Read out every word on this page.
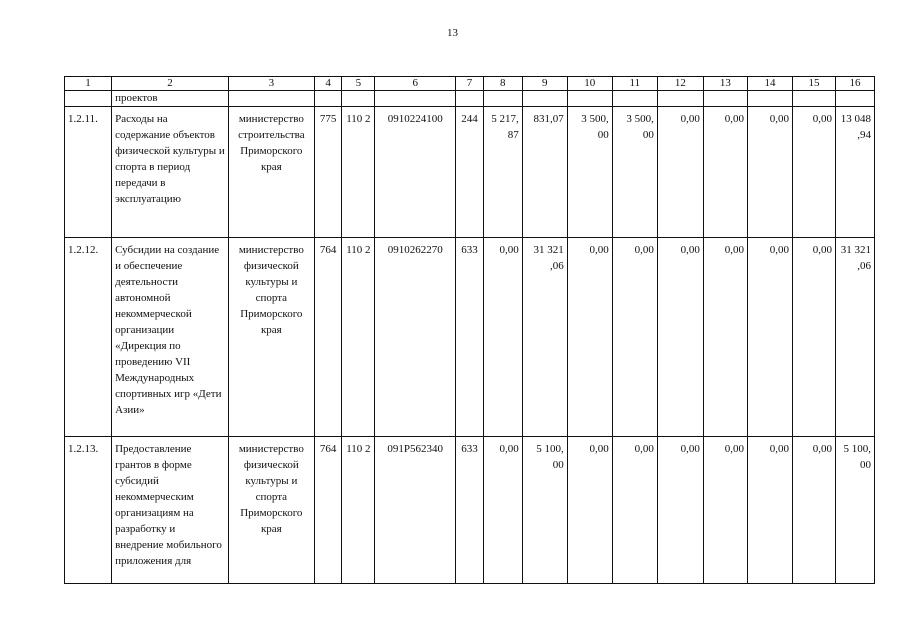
13
1	2	3	4	5	6	7	8	9	10	11	12	13	14	15	16
	проектов														
1.2.11.	Расходы на содержание объектов физической культуры и спорта в период передачи в эксплуатацию	министерство строительства Приморского края	775	110 2	0910224100	244	5 217, 87	831,07	3 500, 00	3 500, 00	0,00	0,00	0,00	0,00	13 048 ,94
1.2.12.	Субсидии на создание и обеспечение деятельности автономной некоммерческой организации «Дирекция по проведению VII Международных спортивных игр «Дети Азии»	министерство физической культуры и спорта Приморского края	764	110 2	0910262270	633	0,00	31 321 ,06	0,00	0,00	0,00	0,00	0,00	0,00	31 321 ,06
1.2.13.	Предоставление грантов в форме субсидий некоммерческим организациям на разработку и внедрение мобильного приложения для	министерство физической культуры и спорта Приморского края	764	110 2	091P562340	633	0,00	5 100, 00	0,00	0,00	0,00	0,00	0,00	0,00	5 100, 00
